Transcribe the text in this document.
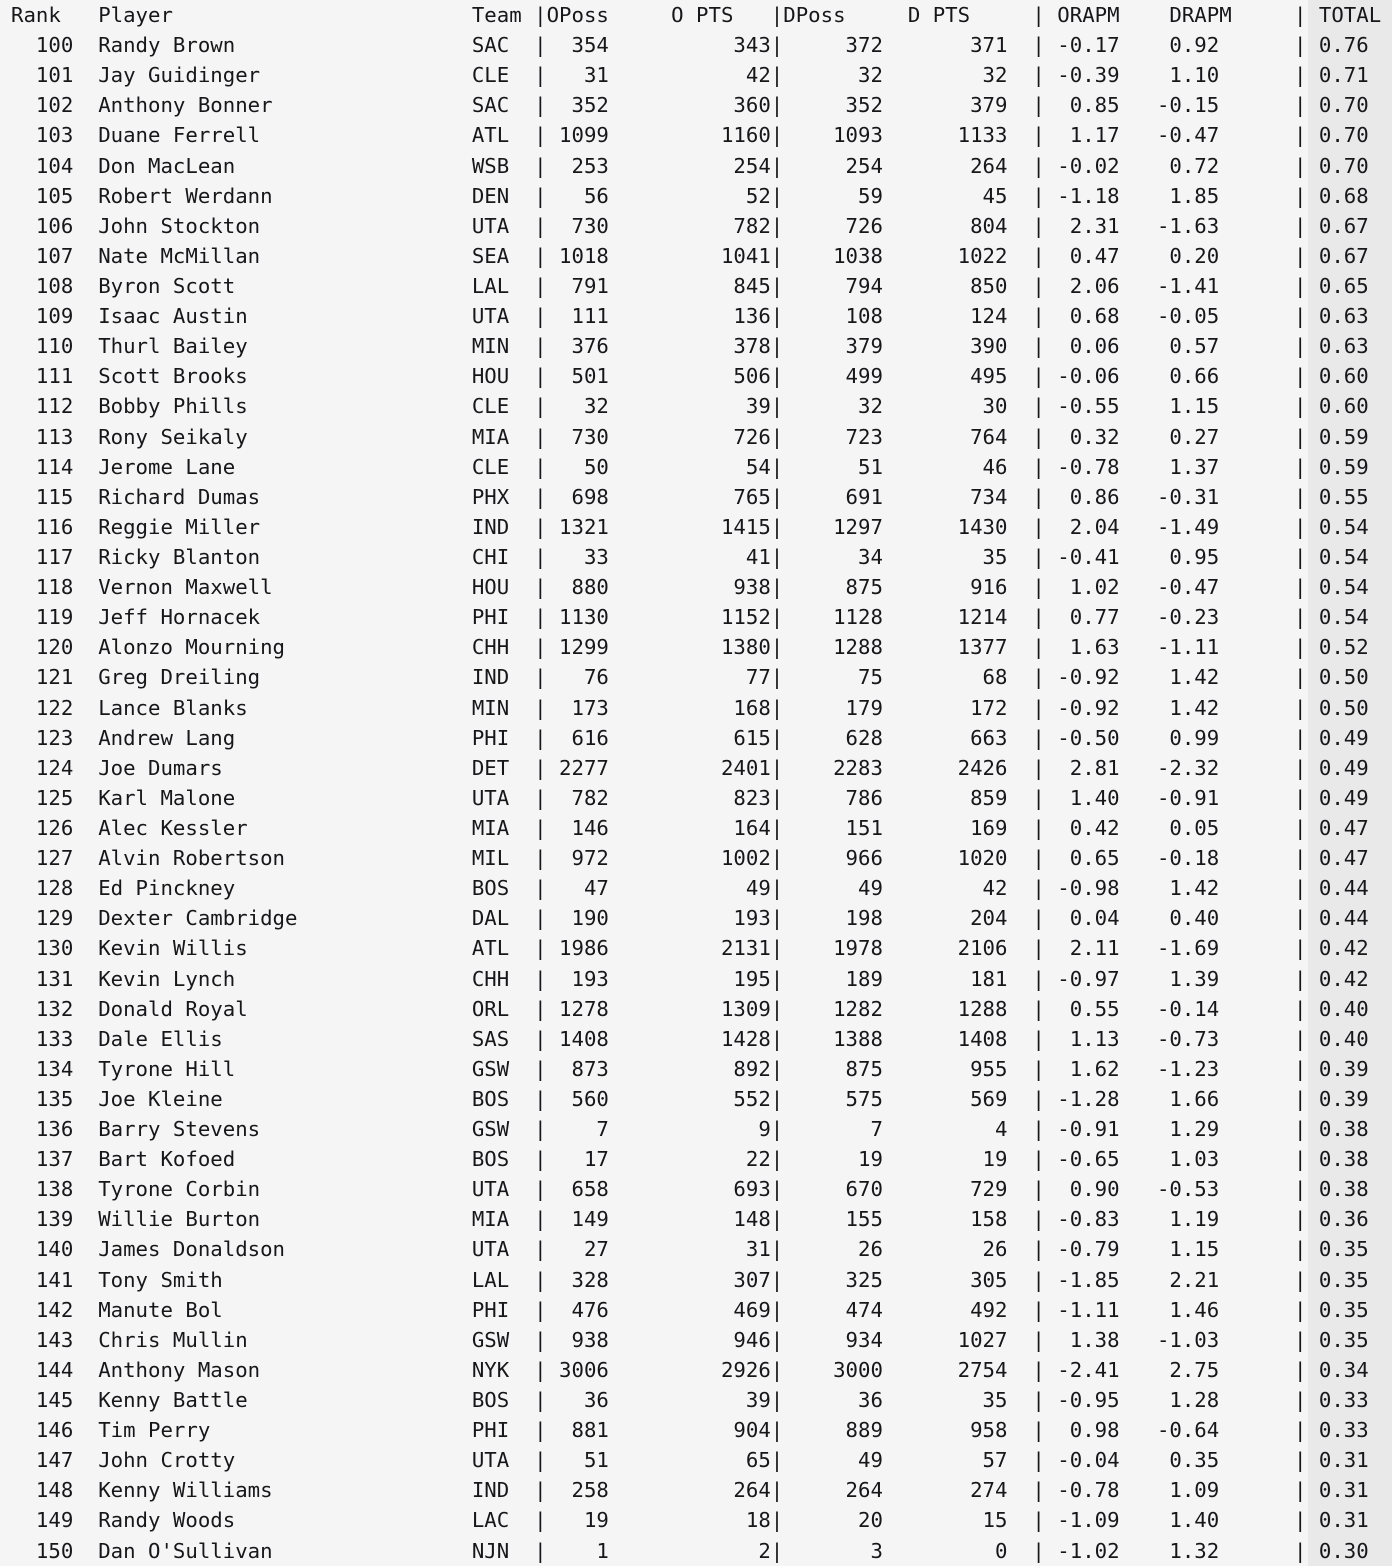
Rank   Player                        Team |OPoss     O PTS   |DPoss     D PTS     | ORAPM    DRAPM     | TOTAL
100  Randy Brown                   SAC  |  354          343|     372       371  | -0.17    0.92      | 0.76
101  Jay Guidinger                 CLE  |   31           42|      32        32  | -0.39    1.10      | 0.71
102  Anthony Bonner                SAC  |  352          360|     352       379  |  0.85   -0.15      | 0.70
103  Duane Ferrell                 ATL  | 1099         1160|    1093      1133  |  1.17   -0.47      | 0.70
104  Don MacLean                   WSB  |  253          254|     254       264  | -0.02    0.72      | 0.70
105  Robert Werdann                DEN  |   56           52|      59        45  | -1.18    1.85      | 0.68
106  John Stockton                 UTA  |  730          782|     726       804  |  2.31   -1.63      | 0.67
107  Nate McMillan                 SEA  | 1018         1041|    1038      1022  |  0.47    0.20      | 0.67
108  Byron Scott                   LAL  |  791          845|     794       850  |  2.06   -1.41      | 0.65
109  Isaac Austin                  UTA  |  111          136|     108       124  |  0.68   -0.05      | 0.63
110  Thurl Bailey                  MIN  |  376          378|     379       390  |  0.06    0.57      | 0.63
111  Scott Brooks                  HOU  |  501          506|     499       495  | -0.06    0.66      | 0.60
112  Bobby Phills                  CLE  |   32           39|      32        30  | -0.55    1.15      | 0.60
113  Rony Seikaly                  MIA  |  730          726|     723       764  |  0.32    0.27      | 0.59
114  Jerome Lane                   CLE  |   50           54|      51        46  | -0.78    1.37      | 0.59
115  Richard Dumas                 PHX  |  698          765|     691       734  |  0.86   -0.31      | 0.55
116  Reggie Miller                 IND  | 1321         1415|    1297      1430  |  2.04   -1.49      | 0.54
117  Ricky Blanton                 CHI  |   33           41|      34        35  | -0.41    0.95      | 0.54
118  Vernon Maxwell                HOU  |  880          938|     875       916  |  1.02   -0.47      | 0.54
119  Jeff Hornacek                 PHI  | 1130         1152|    1128      1214  |  0.77   -0.23      | 0.54
120  Alonzo Mourning               CHH  | 1299         1380|    1288      1377  |  1.63   -1.11      | 0.52
121  Greg Dreiling                 IND  |   76           77|      75        68  | -0.92    1.42      | 0.50
122  Lance Blanks                  MIN  |  173          168|     179       172  | -0.92    1.42      | 0.50
123  Andrew Lang                   PHI  |  616          615|     628       663  | -0.50    0.99      | 0.49
124  Joe Dumars                    DET  | 2277         2401|    2283      2426  |  2.81   -2.32      | 0.49
125  Karl Malone                   UTA  |  782          823|     786       859  |  1.40   -0.91      | 0.49
126  Alec Kessler                  MIA  |  146          164|     151       169  |  0.42    0.05      | 0.47
127  Alvin Robertson               MIL  |  972         1002|     966      1020  |  0.65   -0.18      | 0.47
128  Ed Pinckney                   BOS  |   47           49|      49        42  | -0.98    1.42      | 0.44
129  Dexter Cambridge              DAL  |  190          193|     198       204  |  0.04    0.40      | 0.44
130  Kevin Willis                  ATL  | 1986         2131|    1978      2106  |  2.11   -1.69      | 0.42
131  Kevin Lynch                   CHH  |  193          195|     189       181  | -0.97    1.39      | 0.42
132  Donald Royal                  ORL  | 1278         1309|    1282      1288  |  0.55   -0.14      | 0.40
133  Dale Ellis                    SAS  | 1408         1428|    1388      1408  |  1.13   -0.73      | 0.40
134  Tyrone Hill                   GSW  |  873          892|     875       955  |  1.62   -1.23      | 0.39
135  Joe Kleine                    BOS  |  560          552|     575       569  | -1.28    1.66      | 0.39
136  Barry Stevens                 GSW  |    7            9|       7         4  | -0.91    1.29      | 0.38
137  Bart Kofoed                   BOS  |   17           22|      19        19  | -0.65    1.03      | 0.38
138  Tyrone Corbin                 UTA  |  658          693|     670       729  |  0.90   -0.53      | 0.38
139  Willie Burton                 MIA  |  149          148|     155       158  | -0.83    1.19      | 0.36
140  James Donaldson               UTA  |   27           31|      26        26  | -0.79    1.15      | 0.35
141  Tony Smith                    LAL  |  328          307|     325       305  | -1.85    2.21      | 0.35
142  Manute Bol                    PHI  |  476          469|     474       492  | -1.11    1.46      | 0.35
143  Chris Mullin                  GSW  |  938          946|     934      1027  |  1.38   -1.03      | 0.35
144  Anthony Mason                 NYK  | 3006         2926|    3000      2754  | -2.41    2.75      | 0.34
145  Kenny Battle                  BOS  |   36           39|      36        35  | -0.95    1.28      | 0.33
146  Tim Perry                     PHI  |  881          904|     889       958  |  0.98   -0.64      | 0.33
147  John Crotty                   UTA  |   51           65|      49        57  | -0.04    0.35      | 0.31
148  Kenny Williams                IND  |  258          264|     264       274  | -0.78    1.09      | 0.31
149  Randy Woods                   LAC  |   19           18|      20        15  | -1.09    1.40      | 0.31
150  Dan O'Sullivan                NJN  |    1            2|       3         0  | -1.02    1.32      | 0.30
